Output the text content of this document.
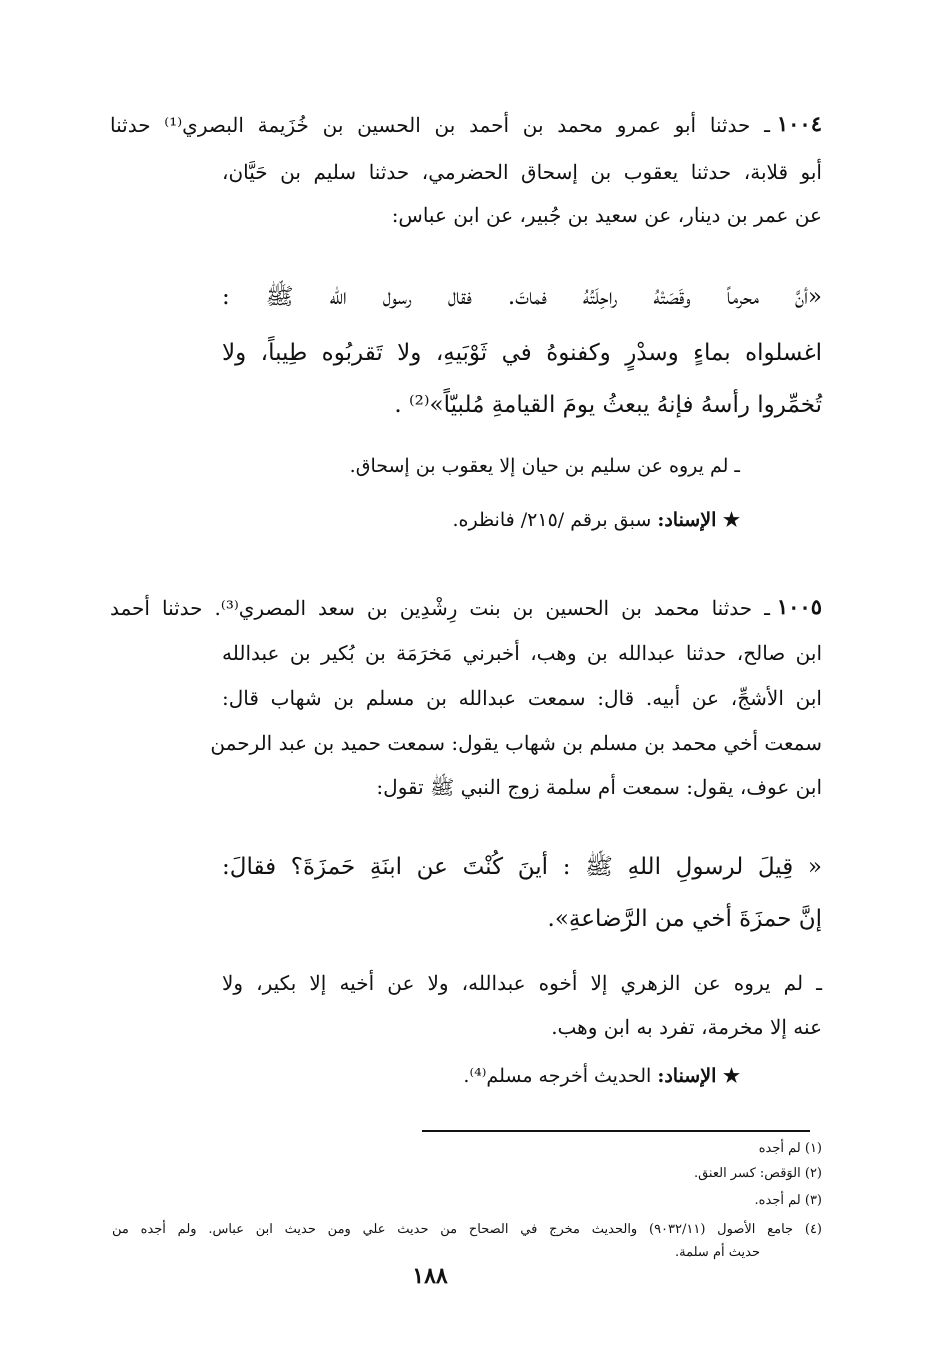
١٠٠٤
ـ حدثنا أبو عمرو محمد بن أحمد بن الحسين بن خُزَيمة البصري⁽¹⁾ حدثنا
أبو قلابة، حدثنا يعقوب بن إسحاق الحضرمي، حدثنا سليم بن حَيَّان،
عن عمر بن دينار، عن سعيد بن جُبير، عن ابن عباس:
«أنَّ محرماً وقَصَتْهُ راحِلَتُهُ فماتَ. فقال رسول الله ﷺ :
اغسلواه بماءٍ وسدْرٍ وكفنوهُ في ثَوْبَيهِ، ولا تَقربُوه طِيباً، ولا
تُخمِّروا رأسهُ فإنهُ يبعثُ يومَ القيامةِ مُلبيّاً»⁽²⁾ .
ـ لم يروه عن سليم بن حيان إلا يعقوب بن إسحاق.
★ الإسناد: سبق برقم /٢١٥/ فانظره.
١٠٠٥
ـ حدثنا محمد بن الحسين بن بنت رِشْدِين بن سعد المصري⁽³⁾. حدثنا أحمد
ابن صالح، حدثنا عبدالله بن وهب، أخبرني مَخرَمَة بن بُكير بن عبدالله
ابن الأشجِّ، عن أبيه. قال: سمعت عبدالله بن مسلم بن شهاب قال:
سمعت أخي محمد بن مسلم بن شهاب يقول: سمعت حميد بن عبد الرحمن
ابن عوف، يقول: سمعت أم سلمة زوج النبي ﷺ تقول:
« قِيلَ لرسولِ اللهِ ﷺ : أينَ كُنْتَ عن ابنَةِ حَمزَةَ؟ فقالَ:
إنَّ حمزَةَ أخي من الرَّضاعةِ».
ـ لم يروه عن الزهري إلا أخوه عبدالله، ولا عن أخيه إلا بكير، ولا
عنه إلا مخرمة، تفرد به ابن وهب.
★ الإسناد: الحديث أخرجه مسلم⁽⁴⁾.
(١) لم أجده
(٢) الوَقص: كسر العنق.
(٣) لم أجده.
(٤) جامع الأصول (٩٠٣٢/١١) والحديث مخرج في الصحاح من حديث علي ومن حديث ابن عباس. ولم أجده من
حديث أم سلمة.
١٨٨
